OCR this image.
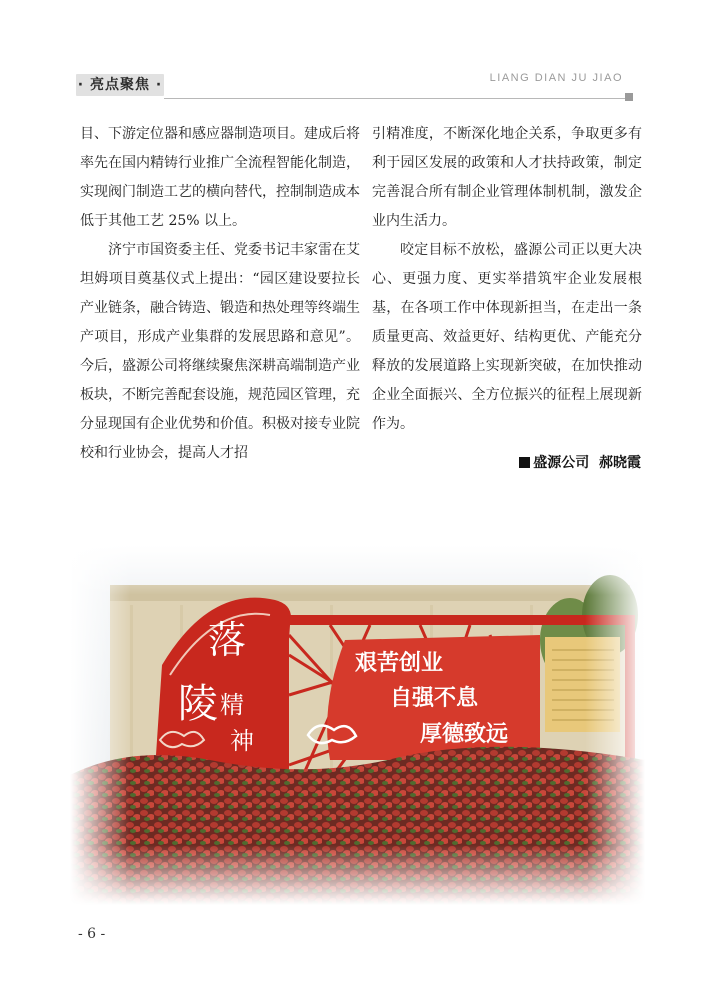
· 亮点聚焦 ·	LIANG DIAN JU JIAO

目、下游定位器和感应器制造项目。建成后将率先在国内精铸行业推广全流程智能化制造，实现阀门制造工艺的横向替代，控制制造成本低于其他工艺 25% 以上。

济宁市国资委主任、党委书记丰家雷在艾坦姆项目奠基仪式上提出：“园区建设要拉长产业链条，融合铸造、锻造和热处理等终端生产项目，形成产业集群的发展思路和意见”。今后，盛源公司将继续聚焦深耕高端制造产业板块，不断完善配套设施，规范园区管理，充分显现国有企业优势和价值。积极对接专业院校和行业协会，提高人才招

引精准度，不断深化地企关系，争取更多有利于园区发展的政策和人才扶持政策，制定完善混合所有制企业管理体制机制，激发企业内生活力。

咬定目标不放松，盛源公司正以更大决心、更强力度、更实举措筑牢企业发展根基，在各项工作中体现新担当，在走出一条质量更高、效益更好、结构更优、产能充分释放的发展道路上实现新突破，在加快推动企业全面振兴、全方位振兴的征程上展现新作为。

盛源公司 郝晓霞
落
陵 精
神
艰苦创业
自强不息
厚德致远
- 6 -
